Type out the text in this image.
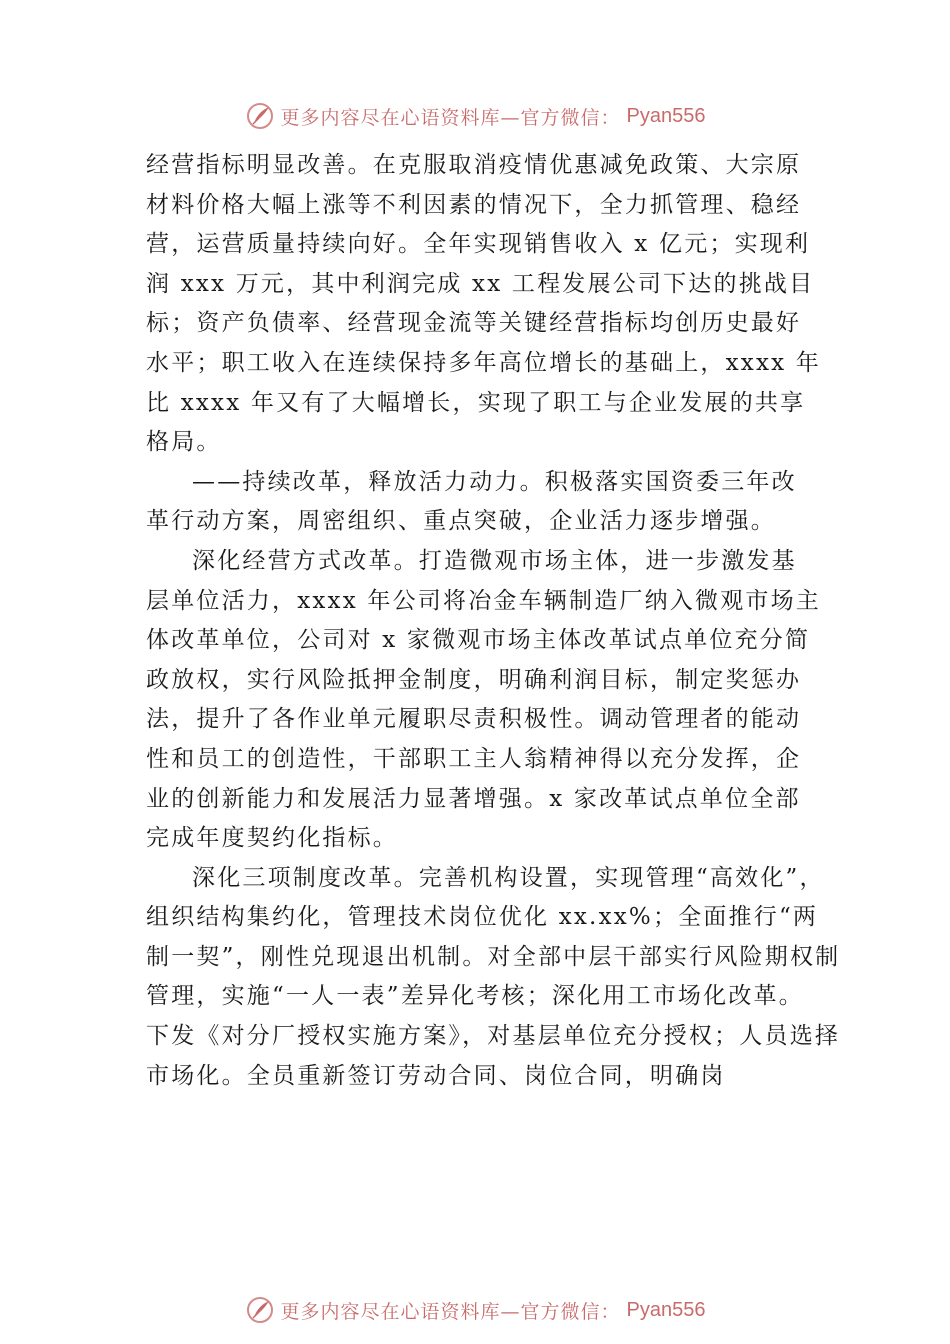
更多内容尽在心语资料库—官方微信： Pyan556
经营指标明显改善。在克服取消疫情优惠减免政策、大宗原
材料价格大幅上涨等不利因素的情况下，全力抓管理、稳经
营，运营质量持续向好。全年实现销售收入 x 亿元；实现利
润 xxx 万元，其中利润完成 xx 工程发展公司下达的挑战目
标；资产负债率、经营现金流等关键经营指标均创历史最好
水平；职工收入在连续保持多年高位增长的基础上，xxxx 年
比 xxxx 年又有了大幅增长，实现了职工与企业发展的共享
格局。
——持续改革，释放活力动力。积极落实国资委三年改
革行动方案，周密组织、重点突破，企业活力逐步增强。
深化经营方式改革。打造微观市场主体，进一步激发基
层单位活力，xxxx 年公司将冶金车辆制造厂纳入微观市场主
体改革单位，公司对 x 家微观市场主体改革试点单位充分简
政放权，实行风险抵押金制度，明确利润目标，制定奖惩办
法，提升了各作业单元履职尽责积极性。调动管理者的能动
性和员工的创造性，干部职工主人翁精神得以充分发挥，企
业的创新能力和发展活力显著增强。x 家改革试点单位全部
完成年度契约化指标。
深化三项制度改革。完善机构设置，实现管理“高效化”，
组织结构集约化，管理技术岗位优化 xx.xx%；全面推行“两
制一契”，刚性兑现退出机制。对全部中层干部实行风险期权制
管理，实施“一人一表”差异化考核；深化用工市场化改革。
下发《对分厂授权实施方案》，对基层单位充分授权；人员选择
市场化。全员重新签订劳动合同、岗位合同，明确岗
更多内容尽在心语资料库—官方微信： Pyan556
